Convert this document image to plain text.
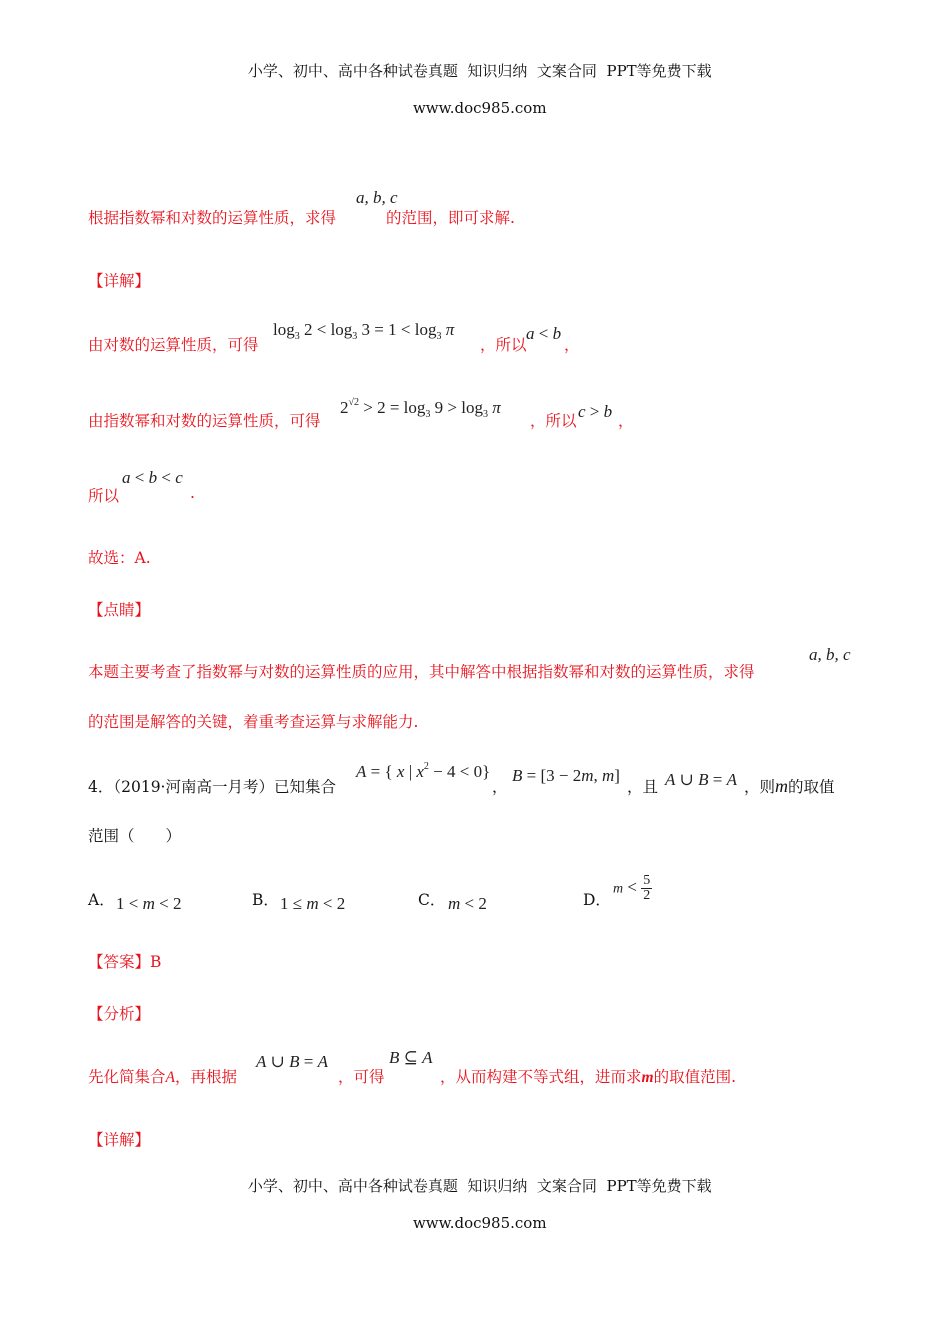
小学、初中、高中各种试卷真题  知识归纳  文案合同  PPT等免费下载

www.doc985.com

根据指数幂和对数的运算性质，求得	的范围，即可求解.
a, b, c
【详解】
由对数的运算性质，可得
$\log_3 2 < \log_3 3 = 1 < \log_3 \pi$
，所以
a < b
，
由指数幂和对数的运算性质，可得
$2^{√2} > 2 = \log_3 9 > \log_3 \pi$
，所以 c > b ，
所以
a < b < c
.
故选：A.
【点睛】
本题主要考查了指数幂与对数的运算性质的应用，其中解答中根据指数幂和对数的运算性质，求得
a, b, c
的范围是解答的关键，着重考查运算与求解能力.
4．（2019·河南高一月考）已知集合
A = { x | $x^2 - 4 < 0$}
，
B = [3 − 2m, m]
，且 A ∪ B = A ，则m的取值
范围（　　）
A． 1 < m < 2	B． 1 ≤ m < 2	C． m < 2	D．
$m < \frac{5}{2}$
【答案】B
【分析】
先化简集合A，再根据
A ∪ B = A
，可得
B ⊆ A
，从而构建不等式组，进而求m的取值范围.
【详解】

小学、初中、高中各种试卷真题  知识归纳  文案合同  PPT等免费下载

www.doc985.com
